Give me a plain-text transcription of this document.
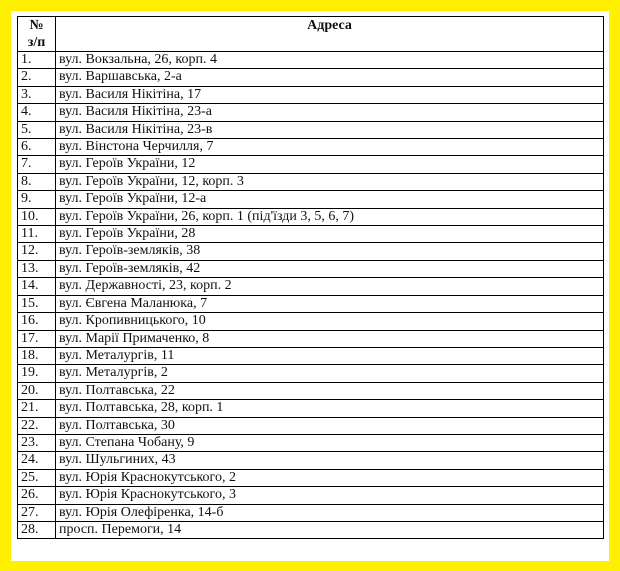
№
з/п	Адреса
1.	вул. Вокзальна, 26, корп. 4
2.	вул. Варшавська, 2-а
3.	вул. Василя Нікітіна, 17
4.	вул. Василя Нікітіна, 23-а
5.	вул. Василя Нікітіна, 23-в
6.	вул. Вінстона Черчилля, 7
7.	вул. Героїв України, 12
8.	вул. Героїв України, 12, корп. 3
9.	вул. Героїв України, 12-а
10.	вул. Героїв України, 26, корп. 1 (під'їзди 3, 5, 6, 7)
11.	вул. Героїв України, 28
12.	вул. Героїв-земляків, 38
13.	вул. Героїв-земляків, 42
14.	вул. Державності, 23, корп. 2
15.	вул. Євгена Маланюка, 7
16.	вул. Кропивницького, 10
17.	вул. Марії Примаченко, 8
18.	вул. Металургів, 11
19.	вул. Металургів, 2
20.	вул. Полтавська, 22
21.	вул. Полтавська, 28, корп. 1
22.	вул. Полтавська, 30
23.	вул. Степана Чобану, 9
24.	вул. Шульгиних, 43
25.	вул. Юрія Краснокутського, 2
26.	вул. Юрія Краснокутського, 3
27.	вул. Юрія Олефіренка, 14-б
28.	просп. Перемоги, 14
